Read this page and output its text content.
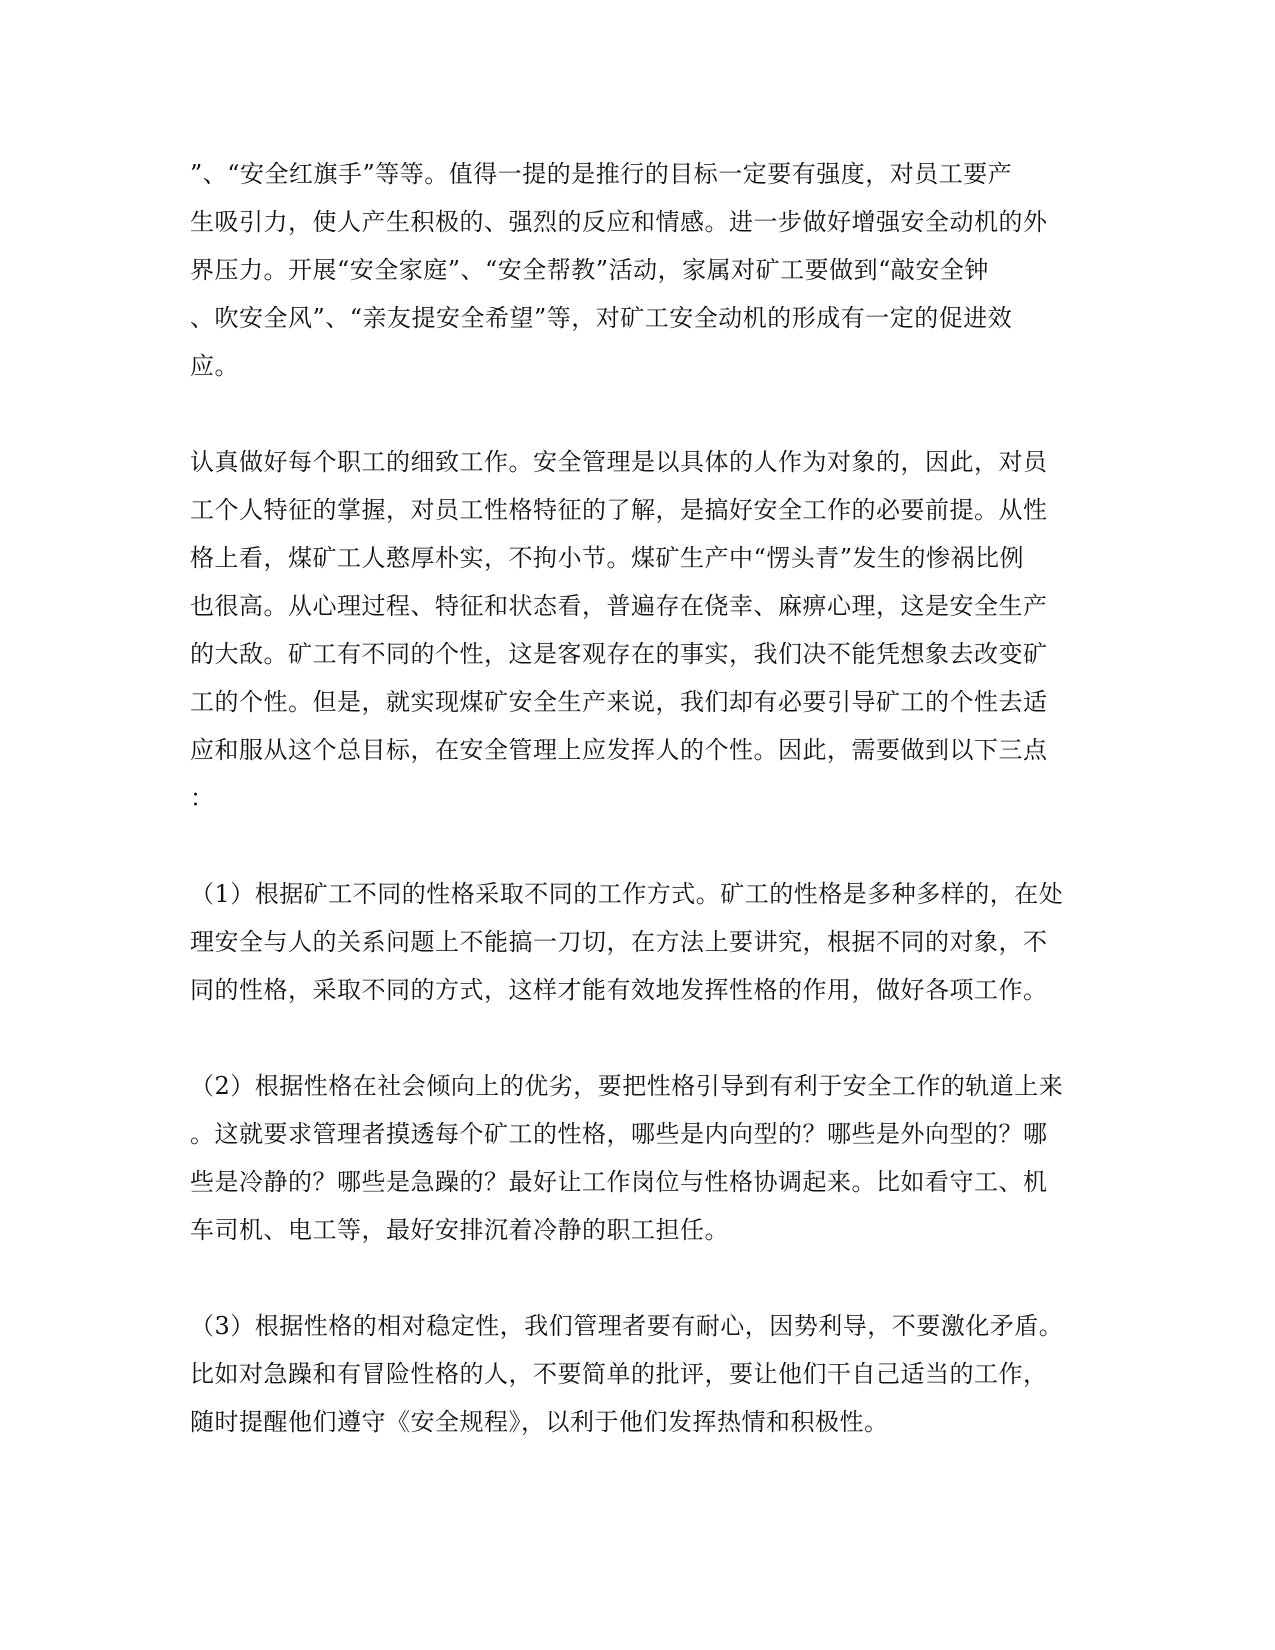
”、“安全红旗手”等等。值得一提的是推行的目标一定要有强度，对员工要产
生吸引力，使人产生积极的、强烈的反应和情感。进一步做好增强安全动机的外
界压力。开展“安全家庭”、“安全帮教”活动，家属对矿工要做到“敲安全钟
、吹安全风”、“亲友提安全希望”等，对矿工安全动机的形成有一定的促进效
应。
认真做好每个职工的细致工作。安全管理是以具体的人作为对象的，因此，对员
工个人特征的掌握，对员工性格特征的了解，是搞好安全工作的必要前提。从性
格上看，煤矿工人憨厚朴实，不拘小节。煤矿生产中“愣头青”发生的惨祸比例
也很高。从心理过程、特征和状态看，普遍存在侥幸、麻痹心理，这是安全生产
的大敌。矿工有不同的个性，这是客观存在的事实，我们决不能凭想象去改变矿
工的个性。但是，就实现煤矿安全生产来说，我们却有必要引导矿工的个性去适
应和服从这个总目标，在安全管理上应发挥人的个性。因此，需要做到以下三点
：
（1）根据矿工不同的性格采取不同的工作方式。矿工的性格是多种多样的，在处
理安全与人的关系问题上不能搞一刀切，在方法上要讲究，根据不同的对象，不
同的性格，采取不同的方式，这样才能有效地发挥性格的作用，做好各项工作。
（2）根据性格在社会倾向上的优劣，要把性格引导到有利于安全工作的轨道上来
。这就要求管理者摸透每个矿工的性格，哪些是内向型的？哪些是外向型的？哪
些是冷静的？哪些是急躁的？最好让工作岗位与性格协调起来。比如看守工、机
车司机、电工等，最好安排沉着冷静的职工担任。
（3）根据性格的相对稳定性，我们管理者要有耐心，因势利导，不要激化矛盾。
比如对急躁和有冒险性格的人，不要简单的批评，要让他们干自己适当的工作，
随时提醒他们遵守《安全规程》，以利于他们发挥热情和积极性。
